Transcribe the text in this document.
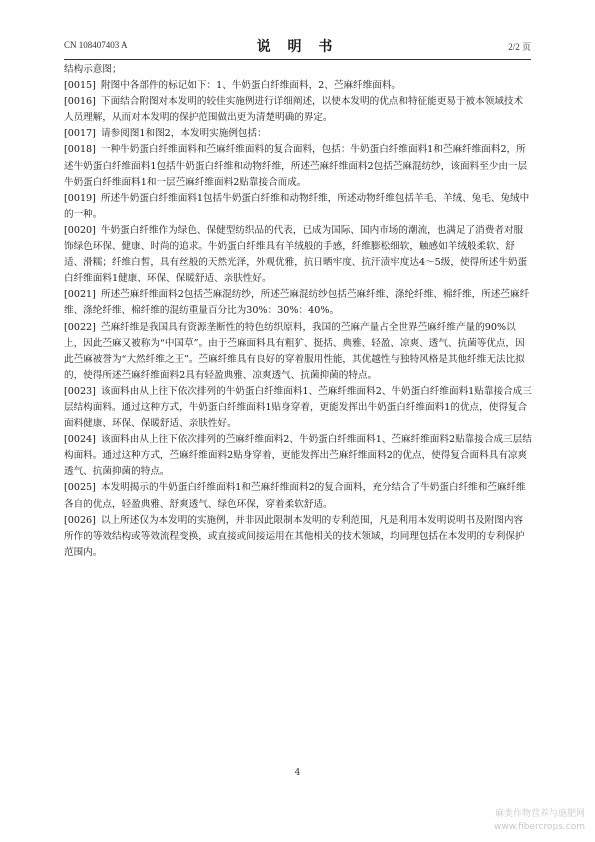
CN 108407403 A	说 明 书	2/2 页

结构示意图；

[0015] 附图中各部件的标记如下：1、牛奶蛋白纤维面料，2、苎麻纤维面料。

[0016] 下面结合附图对本发明的较佳实施例进行详细阐述，以使本发明的优点和特征能更易于被本领域技术人员理解，从而对本发明的保护范围做出更为清楚明确的界定。

[0017] 请参阅图1和图2，本发明实施例包括：

[0018] 一种牛奶蛋白纤维面料和苎麻纤维面料的复合面料，包括：牛奶蛋白纤维面料1和苎麻纤维面料2，所述牛奶蛋白纤维面料1包括牛奶蛋白纤维和动物纤维，所述苎麻纤维面料2包括苎麻混纺纱，该面料至少由一层牛奶蛋白纤维面料1和一层苎麻纤维面料2贴靠接合而成。

[0019] 所述牛奶蛋白纤维面料1包括牛奶蛋白纤维和动物纤维，所述动物纤维包括羊毛、羊绒、兔毛、兔绒中的一种。

[0020] 牛奶蛋白纤维作为绿色、保健型纺织品的代表，已成为国际、国内市场的潮流，也满足了消费者对服饰绿色环保、健康、时尚的追求。牛奶蛋白纤维具有羊绒般的手感，纤维膨松细软，触感如羊绒般柔软、舒适、滑糯；纤维白皙，具有丝般的天然光泽，外观优雅，抗日晒牢度、抗汗渍牢度达4～5级，使得所述牛奶蛋白纤维面料1健康、环保、保暖舒适、亲肤性好。

[0021] 所述苎麻纤维面料2包括苎麻混纺纱，所述苎麻混纺纱包括苎麻纤维、涤纶纤维、棉纤维，所述苎麻纤维、涤纶纤维、棉纤维的混纺重量百分比为30%：30%：40%。

[0022] 苎麻纤维是我国具有资源垄断性的特色纺织原料，我国的苎麻产量占全世界苎麻纤维产量的90%以上，因此苎麻又被称为“中国草”。由于苎麻面料具有粗犷、挺括、典雅、轻盈、凉爽、透气、抗菌等优点，因此苎麻被誉为“大然纤维之王”。苎麻纤维具有良好的穿着服用性能，其优越性与独特风格是其他纤维无法比拟的，使得所述苎麻纤维面料2具有轻盈典雅、凉爽透气、抗菌抑菌的特点。

[0023] 该面料由从上往下依次排列的牛奶蛋白纤维面料1、苎麻纤维面料2、牛奶蛋白纤维面料1贴靠接合成三层结构面料。通过这种方式，牛奶蛋白纤维面料1贴身穿着，更能发挥出牛奶蛋白纤维面料1的优点，使得复合面料健康、环保、保暖舒适、亲肤性好。

[0024] 该面料由从上往下依次排列的苎麻纤维面料2、牛奶蛋白纤维面料1、苎麻纤维面料2贴靠接合成三层结构面料。通过这种方式，苎麻纤维面料2贴身穿着，更能发挥出苎麻纤维面料2的优点，使得复合面料具有凉爽透气、抗菌抑菌的特点。

[0025] 本发明揭示的牛奶蛋白纤维面料1和苎麻纤维面料2的复合面料，充分结合了牛奶蛋白纤维和苎麻纤维各自的优点，轻盈典雅、舒爽透气、绿色环保，穿着柔软舒适。

[0026] 以上所述仅为本发明的实施例，并非因此限制本发明的专利范围，凡是利用本发明说明书及附图内容所作的等效结构或等效流程变换，或直接或间接运用在其他相关的技术领域，均同理包括在本发明的专利保护范围内。

4
麻类作物营养与施肥网
www.fibercrops.com
